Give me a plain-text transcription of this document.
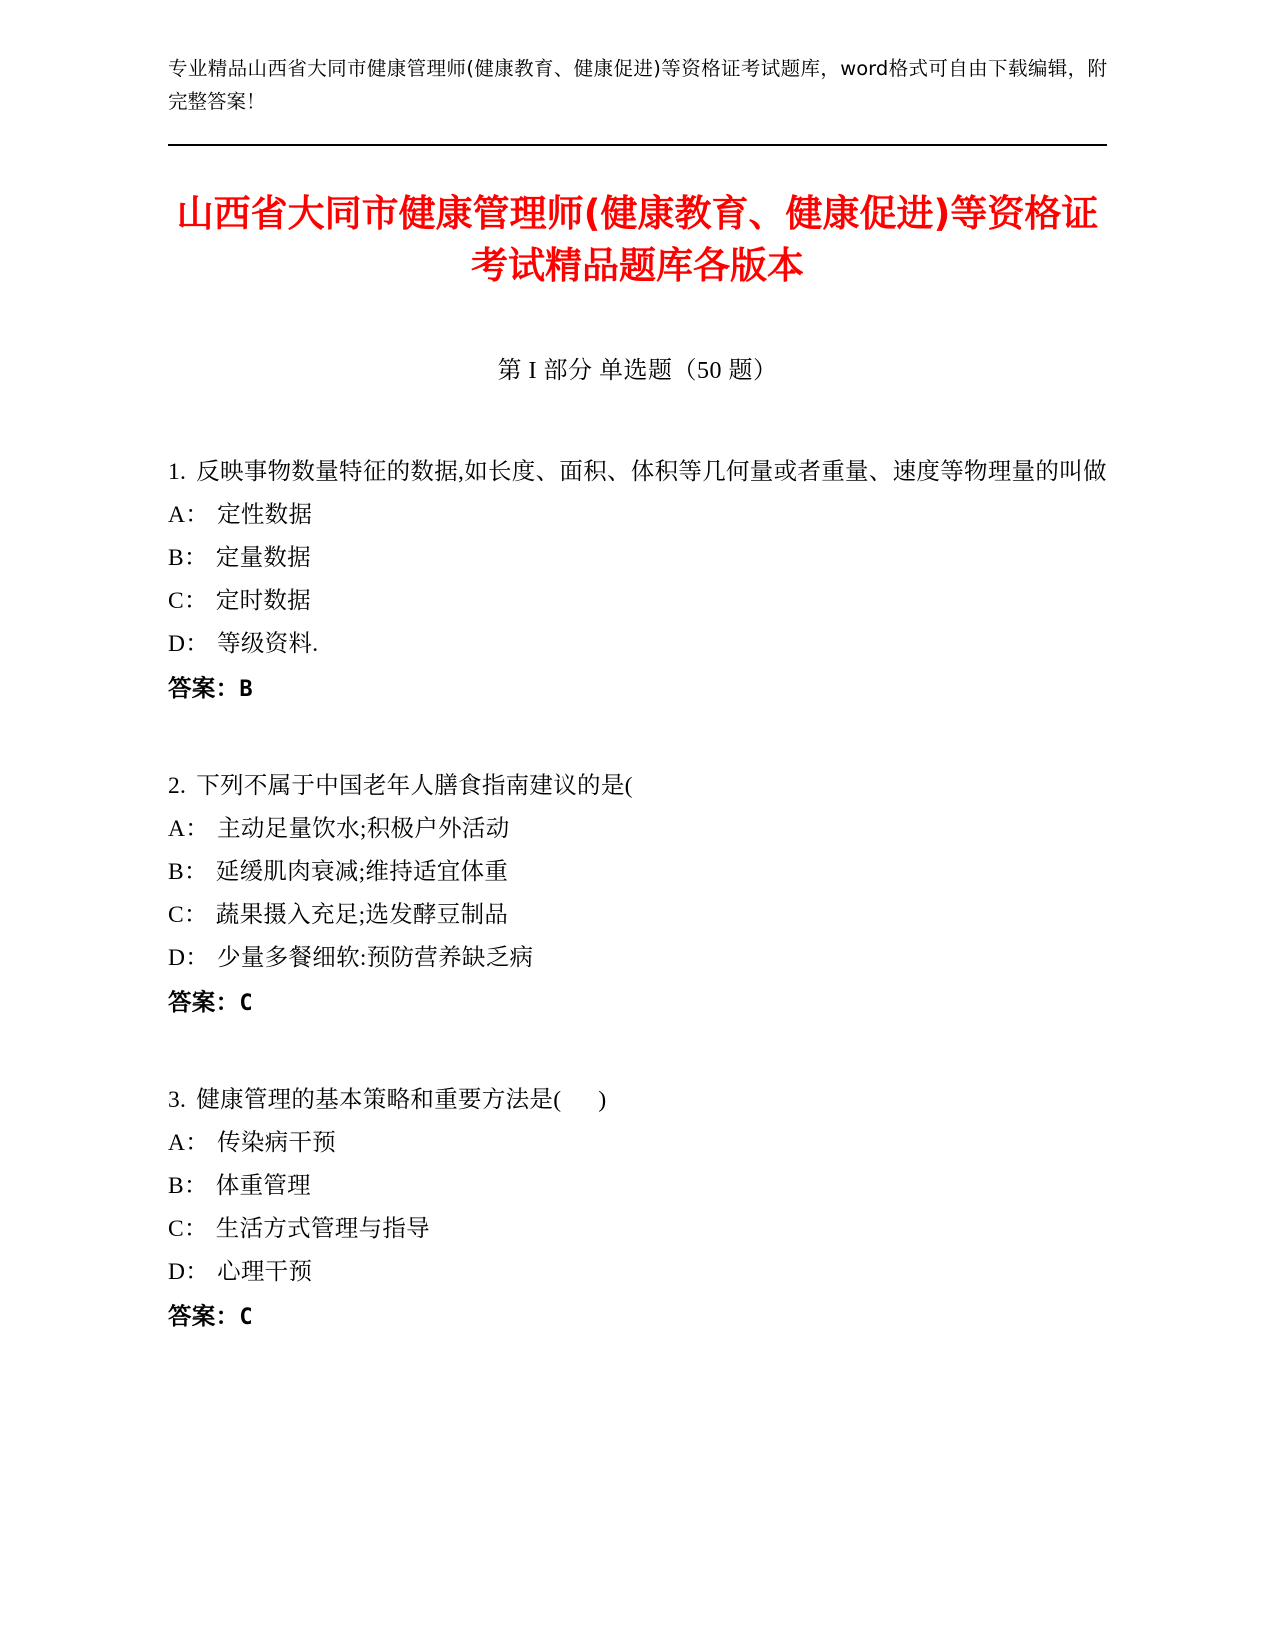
专业精品山西省大同市健康管理师(健康教育、健康促进)等资格证考试题库，word格式可自由下载编辑，附完整答案！
山西省大同市健康管理师(健康教育、健康促进)等资格证考试精品题库各版本
第 I 部分 单选题（50 题）
1. 反映事物数量特征的数据,如长度、面积、体积等几何量或者重量、速度等物理量的叫做
A： 定性数据
B： 定量数据
C： 定时数据
D： 等级资料.
答案：B
2. 下列不属于中国老年人膳食指南建议的是(
A： 主动足量饮水;积极户外活动
B： 延缓肌肉衰减;维持适宜体重
C： 蔬果摄入充足;选发酵豆制品
D： 少量多餐细软:预防营养缺乏病
答案：C
3. 健康管理的基本策略和重要方法是(      )
A： 传染病干预
B： 体重管理
C： 生活方式管理与指导
D： 心理干预
答案：C
